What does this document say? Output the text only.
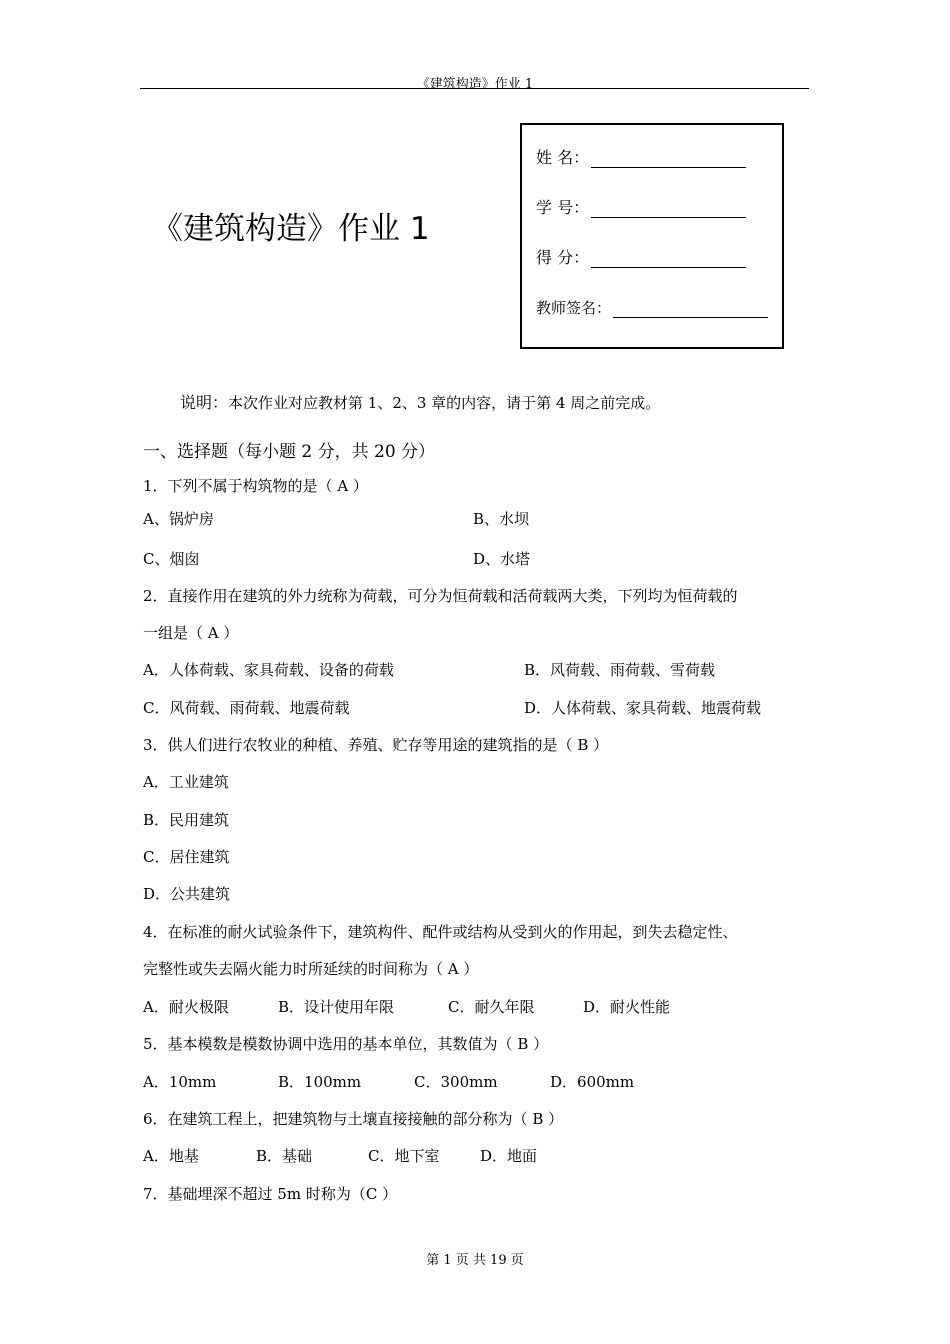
《建筑构造》作业 1
《建筑构造》作业 1
姓 名：
学 号：
得 分：
教师签名：
说明：本次作业对应教材第 1、2、3 章的内容，请于第 4 周之前完成。
一、选择题（每小题 2 分，共 20 分）
1．下列不属于构筑物的是（ A ）
A、锅炉房	B、水坝
C、烟囱	D、水塔
2．直接作用在建筑的外力统称为荷载，可分为恒荷载和活荷载两大类，下列均为恒荷载的
一组是（ A ）
A．人体荷载、家具荷载、设备的荷载	B．风荷载、雨荷载、雪荷载
C．风荷载、雨荷载、地震荷载	D．人体荷载、家具荷载、地震荷载
3．供人们进行农牧业的种植、养殖、贮存等用途的建筑指的是（ B ）
A．工业建筑
B．民用建筑
C．居住建筑
D．公共建筑
4．在标准的耐火试验条件下，建筑构件、配件或结构从受到火的作用起，到失去稳定性、
完整性或失去隔火能力时所延续的时间称为（ A ）
A．耐火极限	B．设计使用年限	C．耐久年限	D．耐火性能
5．基本模数是模数协调中选用的基本单位，其数值为（ B ）
A．10mm	B．100mm	C．300mm	D．600mm
6．在建筑工程上，把建筑物与土壤直接接触的部分称为（ B ）
A．地基	B．基础	C．地下室	D．地面
7．基础埋深不超过 5m 时称为（C ）
第 1 页 共 19 页
